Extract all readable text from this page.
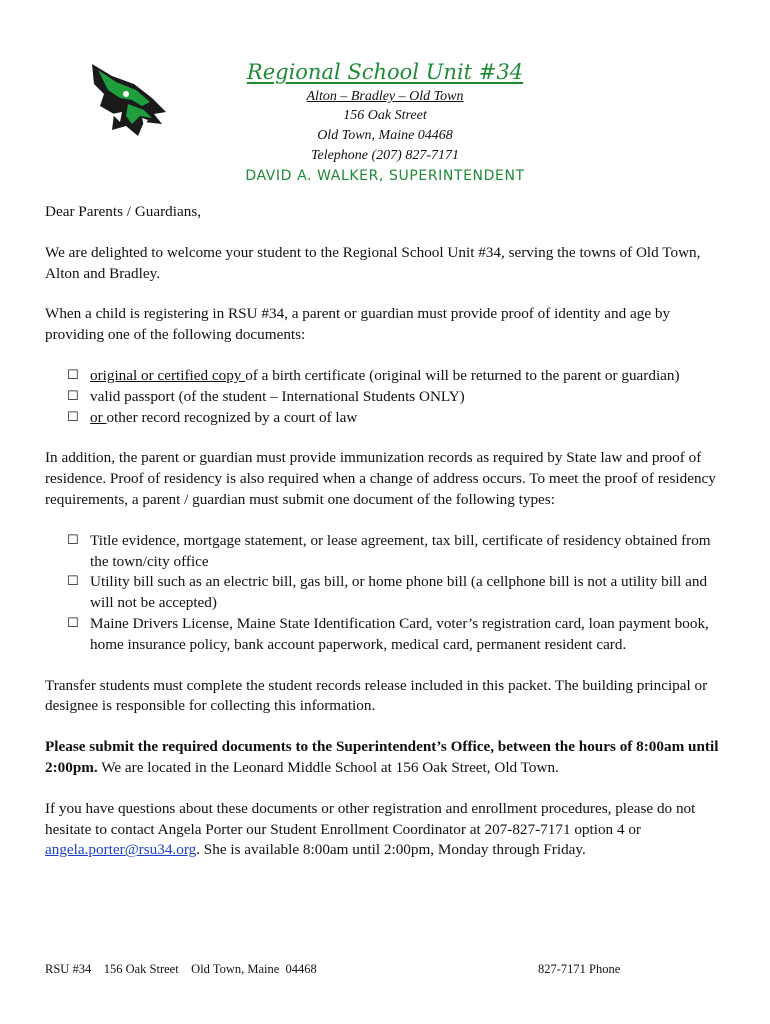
Regional School Unit #34
Alton – Bradley – Old Town
156 Oak Street
Old Town, Maine 04468
Telephone (207) 827-7171
DAVID A. WALKER, SUPERINTENDENT

Dear Parents / Guardians,

We are delighted to welcome your student to the Regional School Unit #34, serving the towns of Old Town, Alton and Bradley.

When a child is registering in RSU #34, a parent or guardian must provide proof of identity and age by providing one of the following documents:

☐ original or certified copy of a birth certificate (original will be returned to the parent or guardian)
☐ valid passport (of the student – International Students ONLY)
☐ or other record recognized by a court of law

In addition, the parent or guardian must provide immunization records as required by State law and proof of residence. Proof of residency is also required when a change of address occurs. To meet the proof of residency requirements, a parent / guardian must submit one document of the following types:

☐ Title evidence, mortgage statement, or lease agreement, tax bill, certificate of residency obtained from the town/city office
☐ Utility bill such as an electric bill, gas bill, or home phone bill (a cellphone bill is not a utility bill and will not be accepted)
☐ Maine Drivers License, Maine State Identification Card, voter’s registration card, loan payment book, home insurance policy, bank account paperwork, medical card, permanent resident card.

Transfer students must complete the student records release included in this packet. The building principal or designee is responsible for collecting this information.

Please submit the required documents to the Superintendent’s Office, between the hours of 8:00am until 2:00pm. We are located in the Leonard Middle School at 156 Oak Street, Old Town.

If you have questions about these documents or other registration and enrollment procedures, please do not hesitate to contact Angela Porter our Student Enrollment Coordinator at 207-827-7171 option 4 or angela.porter@rsu34.org. She is available 8:00am until 2:00pm, Monday through Friday.

RSU #34    156 Oak Street    Old Town, Maine  04468	827-7171 Phone
